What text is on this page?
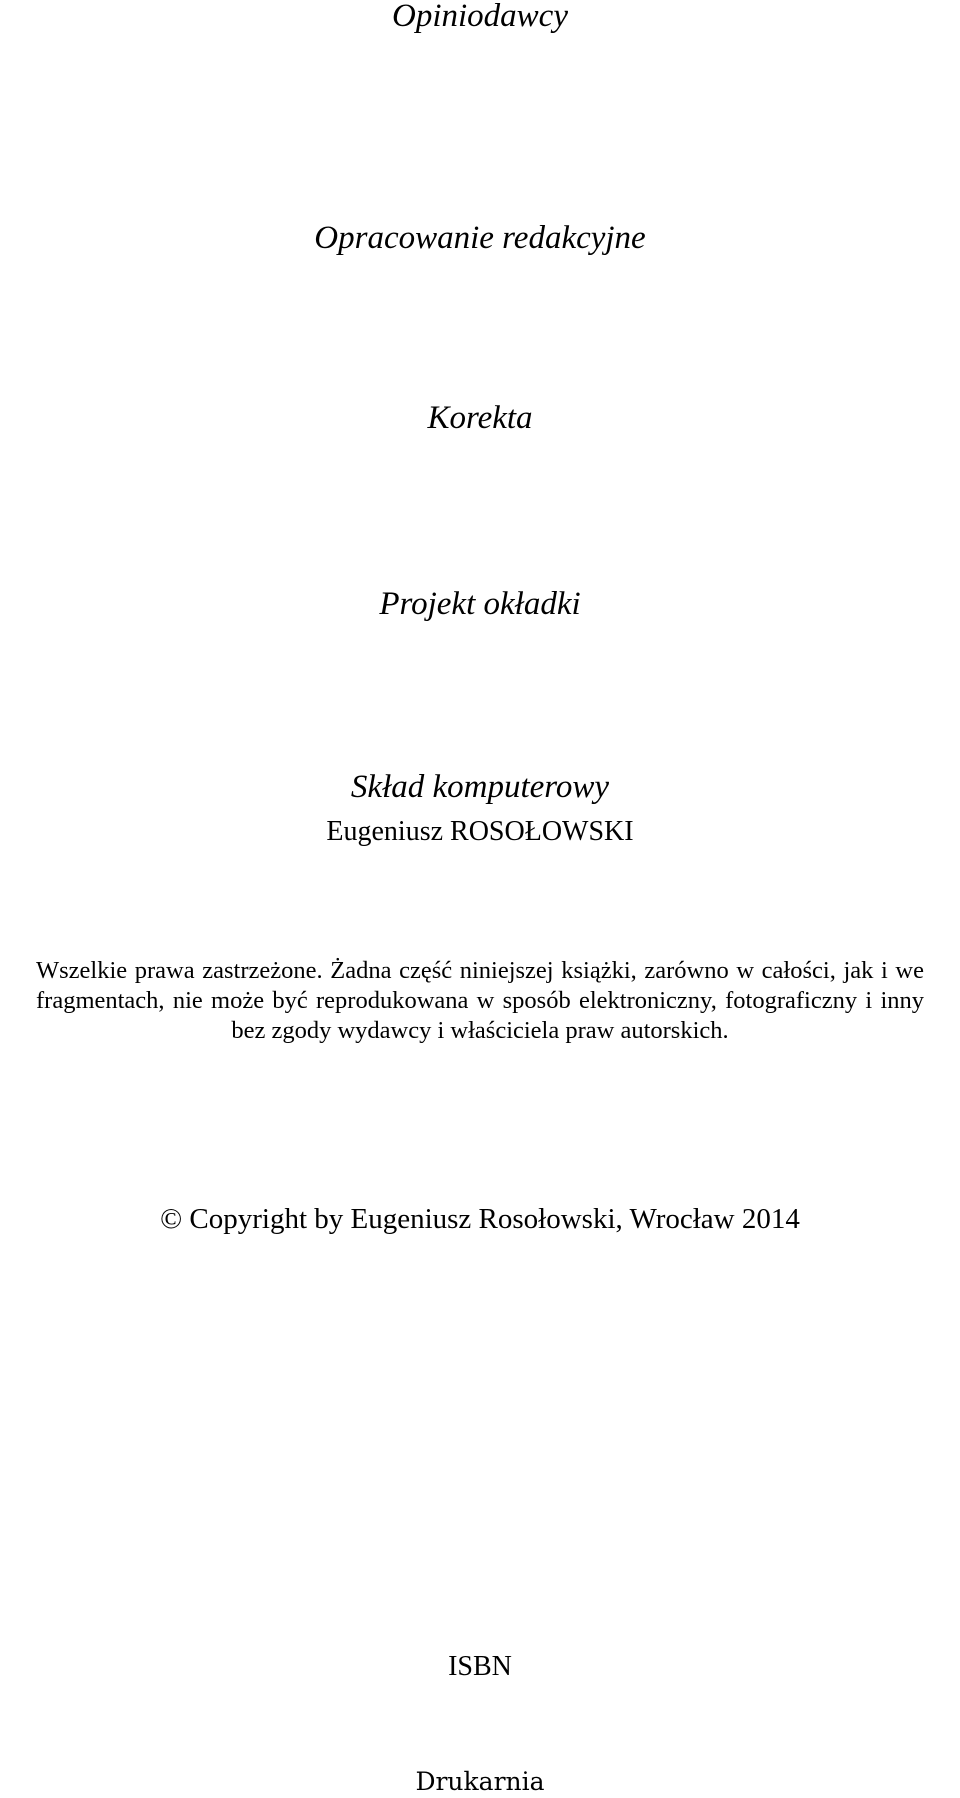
Opiniodawcy

Opracowanie redakcyjne

Korekta

Projekt okładki

Skład komputerowy

Eugeniusz ROSOŁOWSKI

Wszelkie prawa zastrzeżone. Żadna część niniejszej książki, zarówno w całości, jak i we fragmentach, nie może być reprodukowana w sposób elektroniczny, fotograficzny i inny bez zgody wydawcy i właściciela praw autorskich.

© Copyright by Eugeniusz Rosołowski, Wrocław 2014

ISBN

Drukarnia
